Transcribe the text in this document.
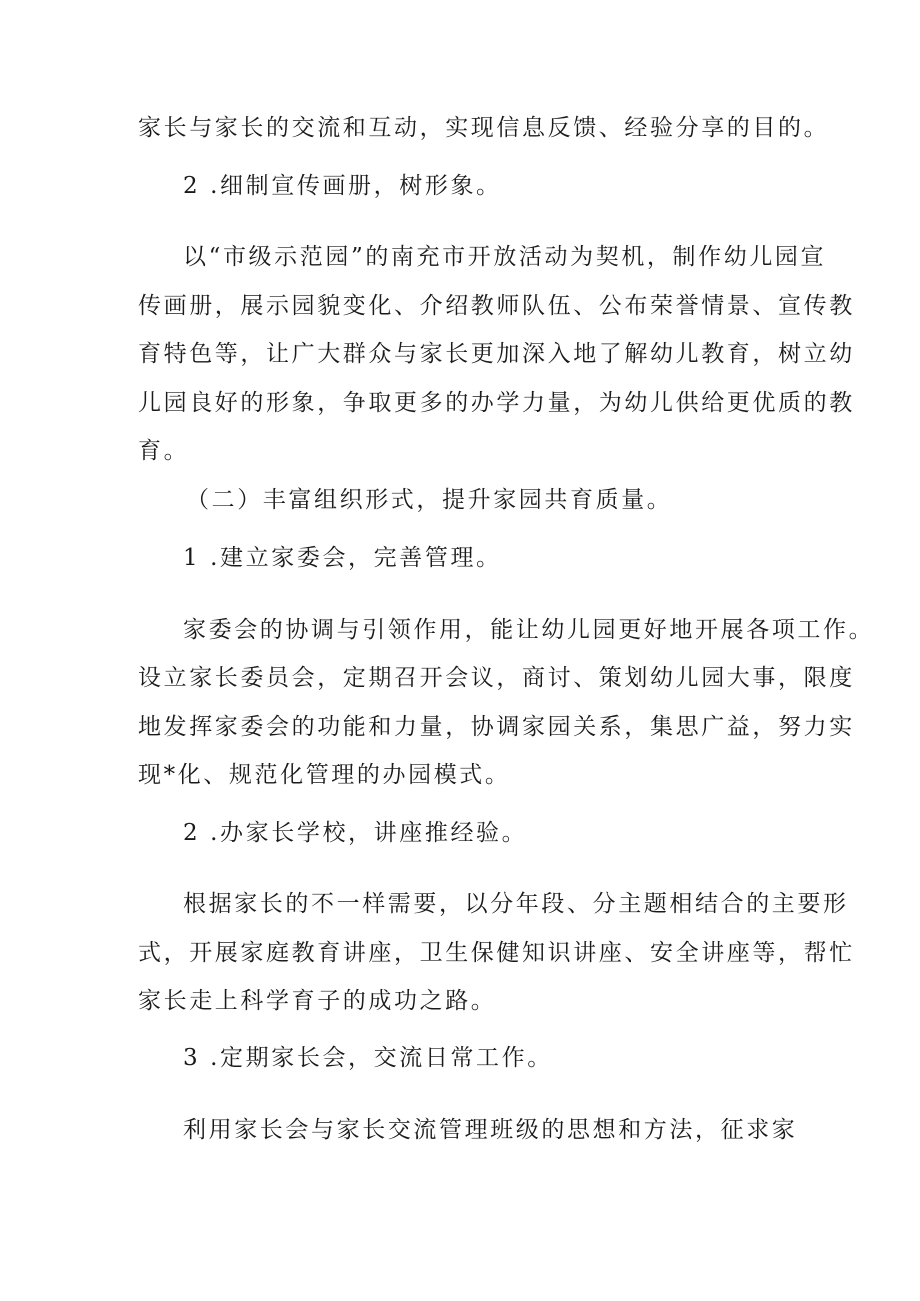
家长与家长的交流和互动，实现信息反馈、经验分享的目的。
2 .细制宣传画册，树形象。
以“市级示范园”的南充市开放活动为契机，制作幼儿园宣
传画册，展示园貌变化、介绍教师队伍、公布荣誉情景、宣传教
育特色等，让广大群众与家长更加深入地了解幼儿教育，树立幼
儿园良好的形象，争取更多的办学力量，为幼儿供给更优质的教
育。
（二）丰富组织形式，提升家园共育质量。
1 .建立家委会，完善管理。
家委会的协调与引领作用，能让幼儿园更好地开展各项工作。
设立家长委员会，定期召开会议，商讨、策划幼儿园大事，限度
地发挥家委会的功能和力量，协调家园关系，集思广益，努力实
现*化、规范化管理的办园模式。
2 .办家长学校，讲座推经验。
根据家长的不一样需要，以分年段、分主题相结合的主要形
式，开展家庭教育讲座，卫生保健知识讲座、安全讲座等，帮忙
家长走上科学育子的成功之路。
3 .定期家长会，交流日常工作。
利用家长会与家长交流管理班级的思想和方法，征求家
